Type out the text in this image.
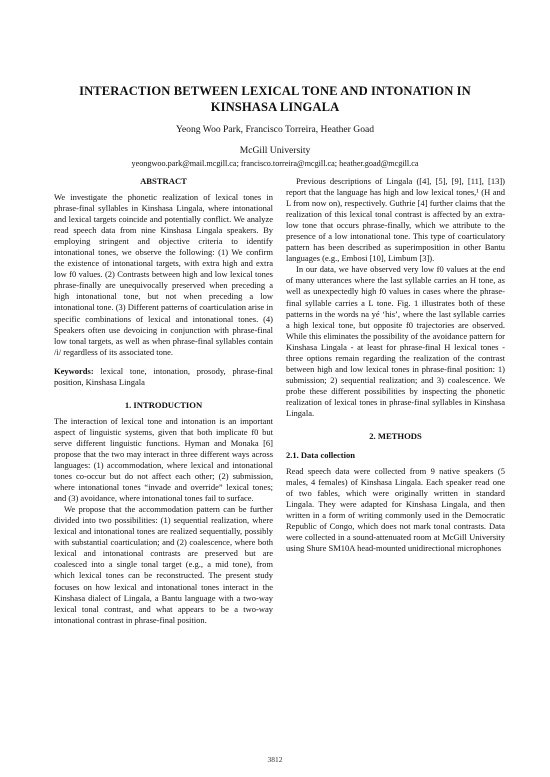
INTERACTION BETWEEN LEXICAL TONE AND INTONATION IN KINSHASA LINGALA
Yeong Woo Park, Francisco Torreira, Heather Goad
McGill University
yeongwoo.park@mail.mcgill.ca; francisco.torreira@mcgill.ca; heather.goad@mcgill.ca
ABSTRACT

We investigate the phonetic realization of lexical tones in phrase-final syllables in Kinshasa Lingala, where intonational and lexical targets coincide and potentially conflict. We analyze read speech data from nine Kinshasa Lingala speakers. By employing stringent and objective criteria to identify intonational tones, we observe the following: (1) We confirm the existence of intonational targets, with extra high and extra low f0 values. (2) Contrasts between high and low lexical tones phrase-finally are unequivocally preserved when preceding a high intonational tone, but not when preceding a low intonational tone. (3) Different patterns of coarticulation arise in specific combinations of lexical and intonational tones. (4) Speakers often use devoicing in conjunction with phrase-final low tonal targets, as well as when phrase-final syllables contain /i/ regardless of its associated tone.

Keywords: lexical tone, intonation, prosody, phrase-final position, Kinshasa Lingala

1. INTRODUCTION

The interaction of lexical tone and intonation is an important aspect of linguistic systems, given that both implicate f0 but serve different linguistic functions. Hyman and Monaka [6] propose that the two may interact in three different ways across languages: (1) accommodation, where lexical and intonational tones co-occur but do not affect each other; (2) submission, where intonational tones “invade and override” lexical tones; and (3) avoidance, where intonational tones fail to surface.

We propose that the accommodation pattern can be further divided into two possibilities: (1) sequential realization, where lexical and intonational tones are realized sequentially, possibly with substantial coarticulation; and (2) coalescence, where both lexical and intonational contrasts are preserved but are coalesced into a single tonal target (e.g., a mid tone), from which lexical tones can be reconstructed. The present study focuses on how lexical and intonational tones interact in the Kinshasa dialect of Lingala, a Bantu language with a two-way lexical tonal contrast, and what appears to be a two-way intonational contrast in phrase-final position.

Previous descriptions of Lingala ([4], [5], [9], [11], [13]) report that the language has high and low lexical tones,¹ (H and L from now on), respectively. Guthrie [4] further claims that the realization of this lexical tonal contrast is affected by an extra-low tone that occurs phrase-finally, which we attribute to the presence of a low intonational tone. This type of coarticulatory pattern has been described as superimposition in other Bantu languages (e.g., Embosi [10], Limbum [3]).

In our data, we have observed very low f0 values at the end of many utterances where the last syllable carries an H tone, as well as unexpectedly high f0 values in cases where the phrase-final syllable carries a L tone. Fig. 1 illustrates both of these patterns in the words na yé ‘his’, where the last syllable carries a high lexical tone, but opposite f0 trajectories are observed. While this eliminates the possibility of the avoidance pattern for Kinshasa Lingala - at least for phrase-final H lexical tones - three options remain regarding the realization of the contrast between high and low lexical tones in phrase-final position: 1) submission; 2) sequential realization; and 3) coalescence. We probe these different possibilities by inspecting the phonetic realization of lexical tones in phrase-final syllables in Kinshasa Lingala.

2. METHODS
2.1. Data collection

Read speech data were collected from 9 native speakers (5 males, 4 females) of Kinshasa Lingala. Each speaker read one of two fables, which were originally written in standard Lingala. They were adapted for Kinshasa Lingala, and then written in a form of writing commonly used in the Democratic Republic of Congo, which does not mark tonal contrasts. Data were collected in a sound-attenuated room at McGill University using Shure SM10A head-mounted unidirectional microphones

3812
